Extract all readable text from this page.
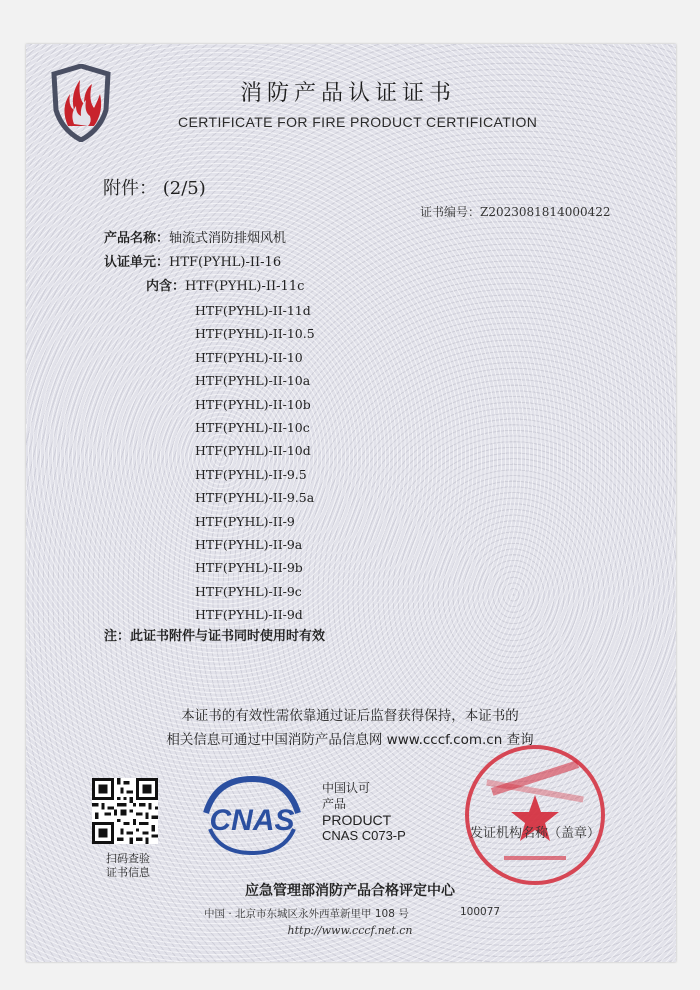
消防产品认证证书
CERTIFICATE FOR FIRE PRODUCT CERTIFICATION
附件： (2/5)
证书编号：Z2023081814000422
产品名称：轴流式消防排烟风机
认证单元：HTF(PYHL)-II-16
内含：HTF(PYHL)-II-11c
HTF(PYHL)-II-11d
HTF(PYHL)-II-10.5
HTF(PYHL)-II-10
HTF(PYHL)-II-10a
HTF(PYHL)-II-10b
HTF(PYHL)-II-10c
HTF(PYHL)-II-10d
HTF(PYHL)-II-9.5
HTF(PYHL)-II-9.5a
HTF(PYHL)-II-9
HTF(PYHL)-II-9a
HTF(PYHL)-II-9b
HTF(PYHL)-II-9c
HTF(PYHL)-II-9d
注：此证书附件与证书同时使用时有效
本证书的有效性需依靠通过证后监督获得保持，本证书的
相关信息可通过中国消防产品信息网 www.cccf.com.cn 查询
扫码查验
证书信息
CNAS
中国认可
产品
PRODUCT
CNAS C073-P	发证机构名称（盖章）
应急管理部消防产品合格评定中心
中国 · 北京市东城区永外西革新里甲 108 号	100077
http://www.cccf.net.cn
